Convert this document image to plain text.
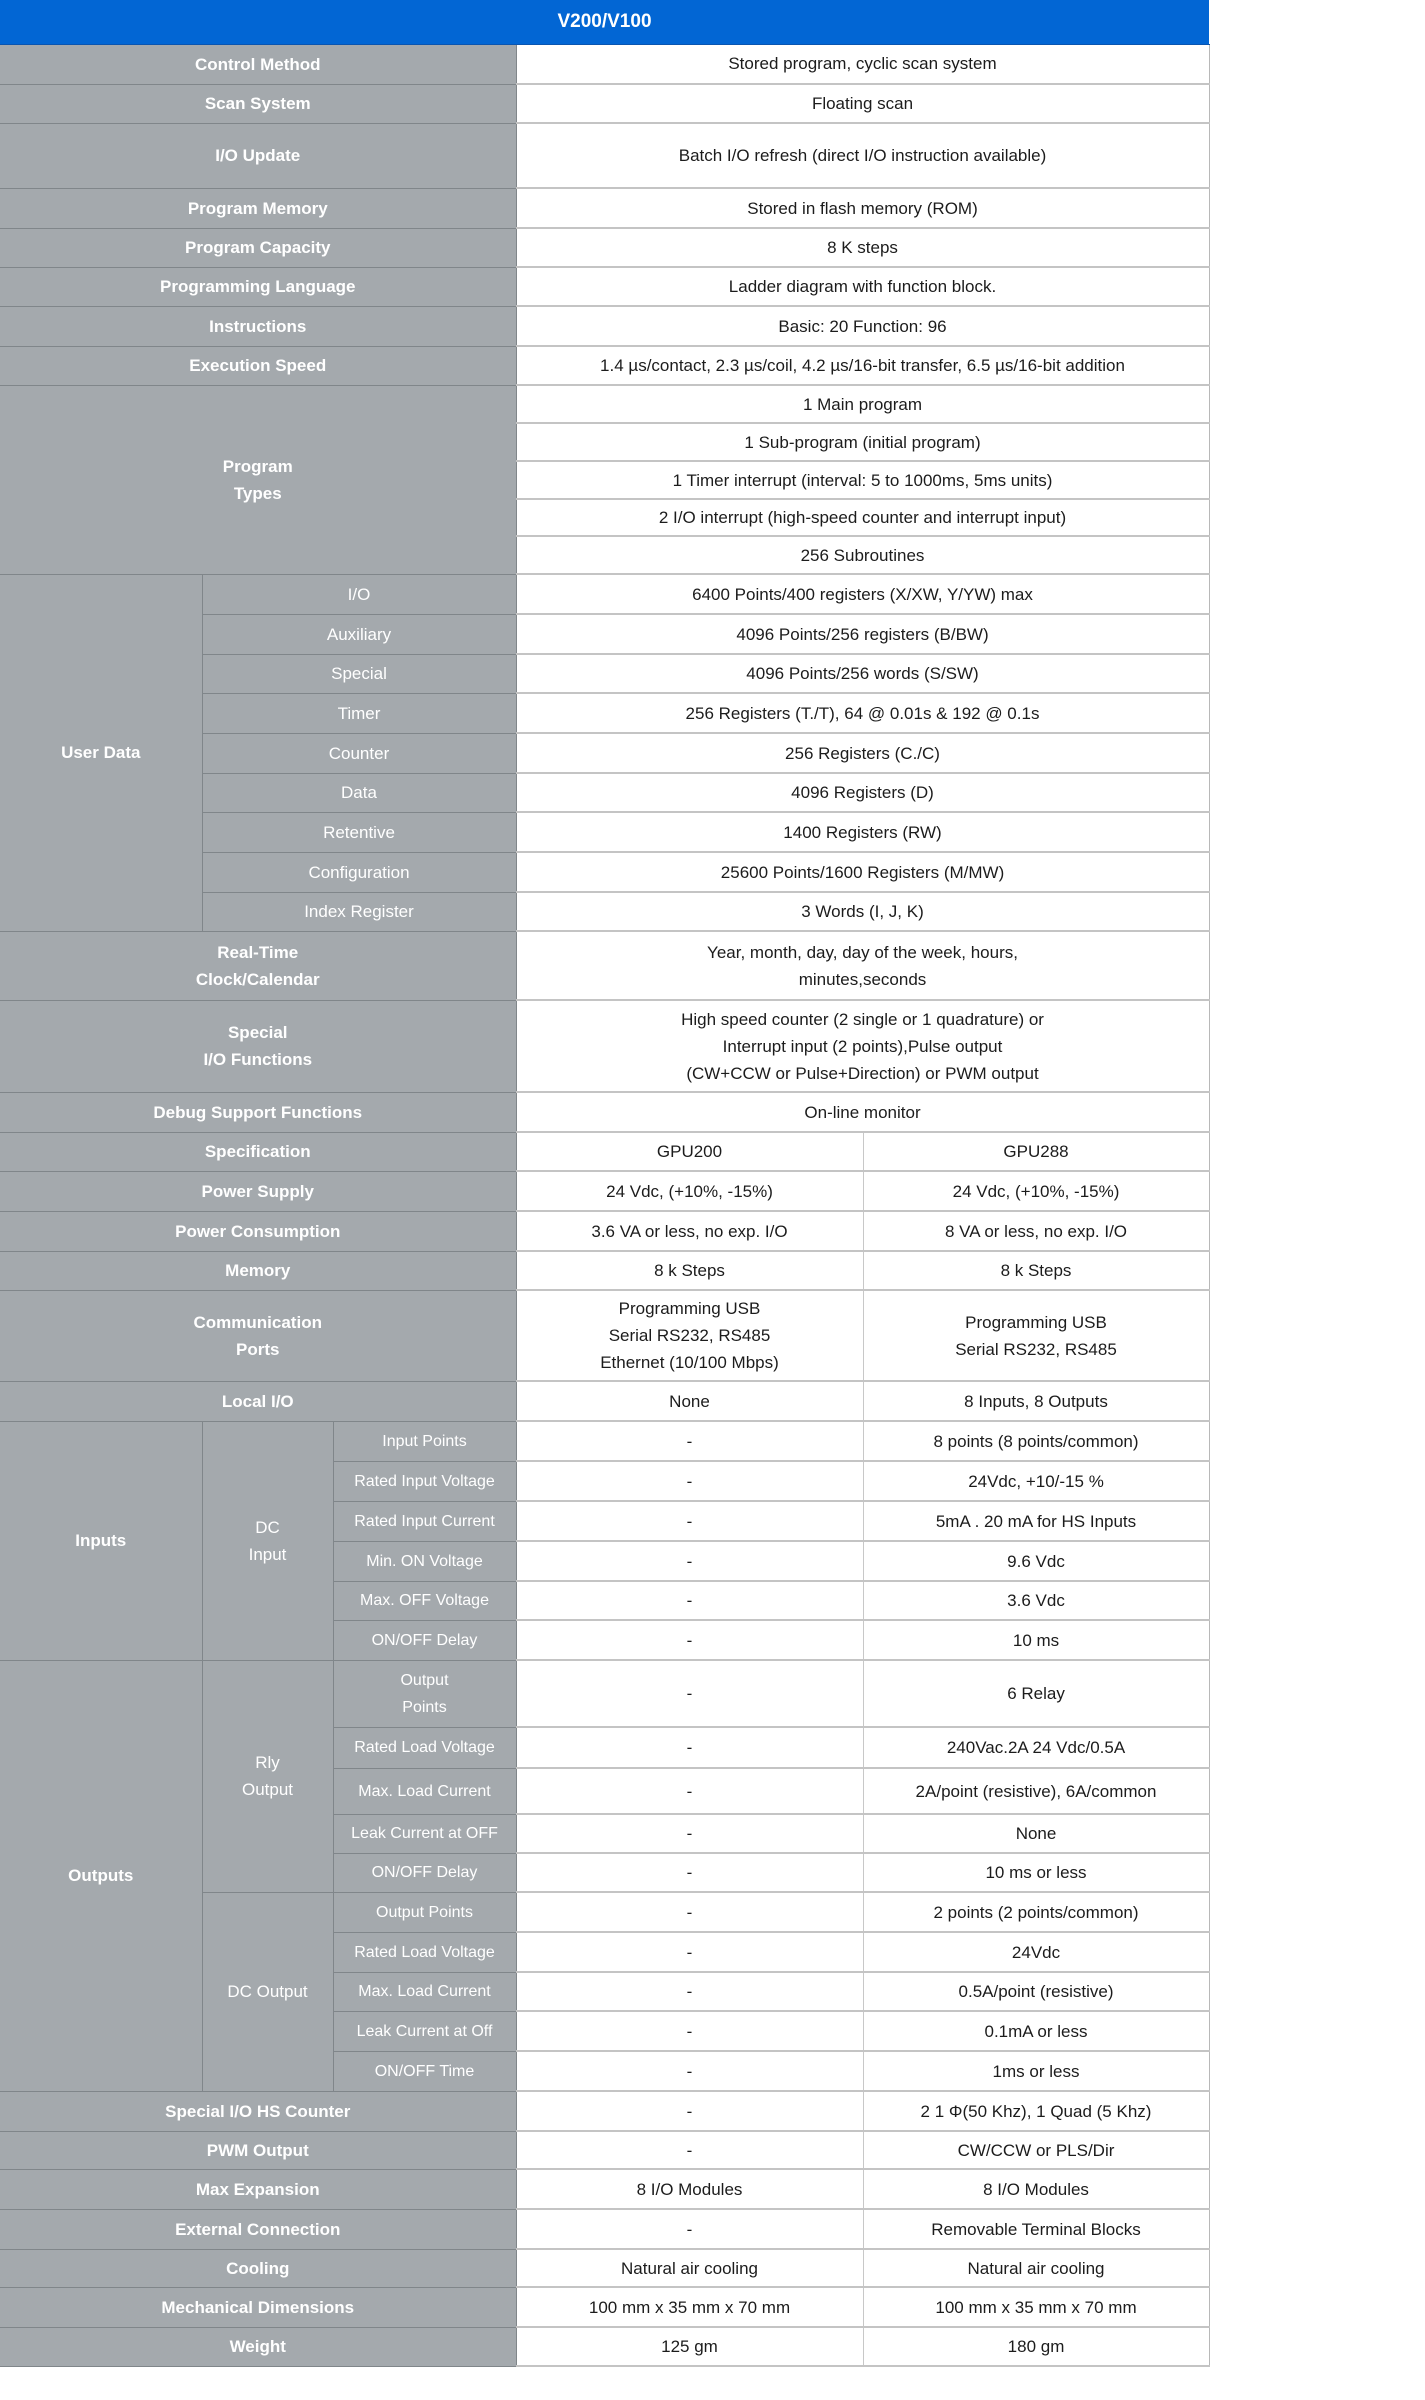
V200/V100				
Control Method			Stored program, cyclic scan system	
Scan System			Floating scan	
I/O Update			Batch I/O refresh (direct I/O instruction available)	
Program Memory			Stored in flash memory (ROM)	
Program Capacity			8 K steps	
Programming Language			Ladder diagram with function block.	
Instructions			Basic: 20 Function: 96	
Execution Speed			1.4 µs/contact, 2.3 µs/coil, 4.2 µs/16-bit transfer, 6.5 µs/16-bit addition	

Program
Types			1 Main program	
			1 Sub-program (initial program)	
			1 Timer interrupt (interval: 5 to 1000ms, 5ms units)	
			2 I/O interrupt (high-speed counter and interrupt input)	
			256 Subroutines	
User Data	I/O		6400 Points/400 registers (X/XW, Y/YW) max	
	Auxiliary		4096 Points/256 registers (B/BW)	
	Special		4096 Points/256 words (S/SW)	
	Timer		256 Registers (T./T), 64 @ 0.01s & 192 @ 0.1s	
	Counter		256 Registers (C./C)	
	Data		4096 Registers (D)	
	Retentive		1400 Registers (RW)	
	Configuration		25600 Points/1600 Registers (M/MW)	
	Index Register		3 Words (I, J, K)	

Real-Time
Clock/Calendar			Year, month, day, day of the week, hours,
minutes,seconds	

Special
I/O Functions			High speed counter (2 single or 1 quadrature) or
Interrupt input (2 points),Pulse output
(CW+CCW or Pulse+Direction) or PWM output	

Debug Support Functions			On-line monitor	
Specification			GPU200	GPU288
Power Supply			24 Vdc, (+10%, -15%)	24 Vdc, (+10%, -15%)
Power Consumption			3.6 VA or less, no exp. I/O	8 VA or less, no exp. I/O
Memory			8 k Steps	8 k Steps

Communication
Ports			Programming USB
Serial RS232, RS485
Ethernet (10/100 Mbps)	Programming USB
Serial RS232, RS485

Local I/O			None	8 Inputs, 8 Outputs
Inputs	DC
Input	Input Points	-	8 points (8 points/common)
		Rated Input Voltage	-	24Vdc, +10/-15 %
		Rated Input Current	-	5mA . 20 mA for HS Inputs
		Min. ON Voltage	-	9.6 Vdc
		Max. OFF Voltage	-	3.6 Vdc
		ON/OFF Delay	-	10 ms
Outputs	Rly
Output	Output
Points	-	6 Relay

		Rated Load Voltage	-	240Vac.2A 24 Vdc/0.5A

		Max. Load Current	-	2A/point (resistive), 6A/common

		Leak Current at OFF	-	None

		ON/OFF Delay	-	10 ms or less

	DC Output	Output Points	-	2 points (2 points/common)

		Rated Load Voltage	-	24Vdc

		Max. Load Current	-	0.5A/point (resistive)

		Leak Current at Off	-	0.1mA or less

		ON/OFF Time	-	1ms or less
Special I/O HS Counter			-	2 1 Φ(50 Khz), 1 Quad (5 Khz)
PWM Output			-	CW/CCW or PLS/Dir
Max Expansion			8 I/O Modules	8 I/O Modules
External Connection			-	Removable Terminal Blocks
Cooling			Natural air cooling	Natural air cooling
Mechanical Dimensions			100 mm x 35 mm x 70 mm	100 mm x 35 mm x 70 mm
Weight			125 gm	180 gm
